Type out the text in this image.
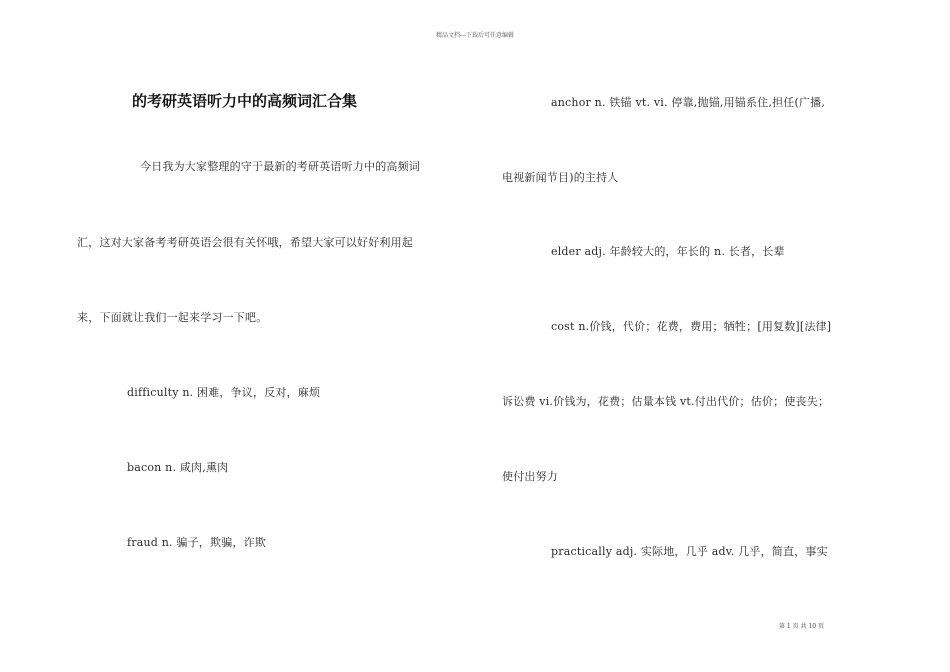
精品文档---下载后可任意编辑
的考研英语听力中的高频词汇合集
今日我为大家整理的守于最新的考研英语听力中的高频词
汇，这对大家备考考研英语会很有关怀哦，希望大家可以好好利用起
来，下面就让我们一起来学习一下吧。
difficulty n. 困难，争议，反对，麻烦
bacon n. 咸肉,熏肉
fraud n. 骗子，欺骗，诈欺
anchor n. 铁锚 vt. vi. 停靠,抛锚,用锚系住,担任(广播,
电视新闻节目)的主持人
elder adj. 年龄较大的，年长的 n. 长者，长辈
cost n.价钱，代价；花费，费用；牺牲；[用复数][法律]
诉讼费 vi.价钱为，花费；估量本钱 vt.付出代价；估价；使丧失；
使付出努力
practically adj. 实际地，几乎 adv. 几乎，简直，事实
第 1 页 共 10 页
